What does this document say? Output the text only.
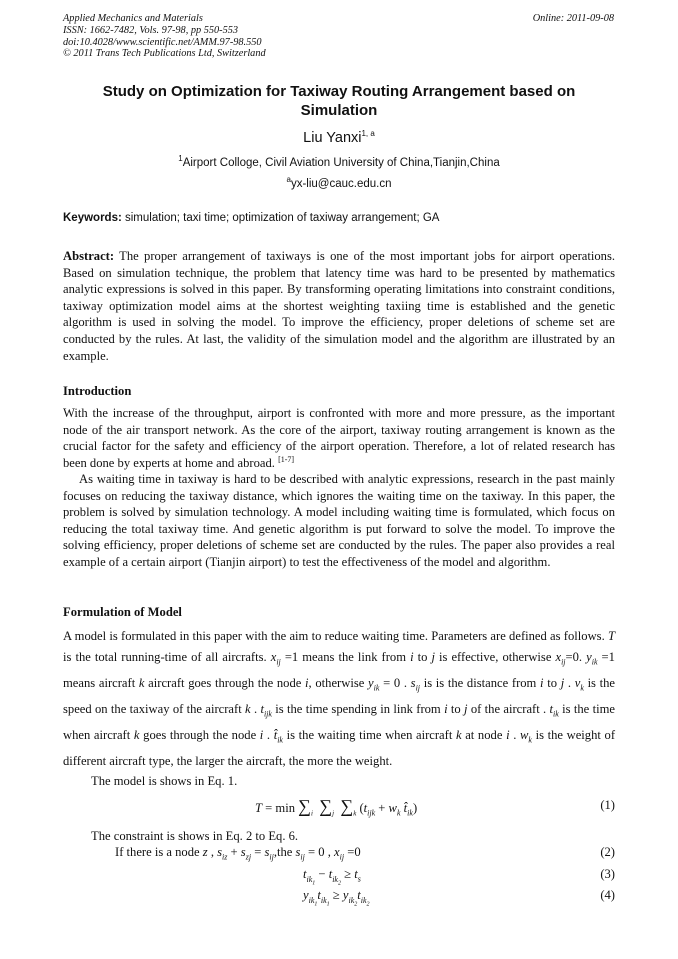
Applied Mechanics and Materials
ISSN: 1662-7482, Vols. 97-98, pp 550-553
doi:10.4028/www.scientific.net/AMM.97-98.550
© 2011 Trans Tech Publications Ltd, Switzerland
Online: 2011-09-08
Study on Optimization for Taxiway Routing Arrangement based on Simulation
Liu Yanxi$^{1, a}$
$^1$Airport Colloge, Civil Aviation University of China,Tianjin,China
$^a$yx-liu@cauc.edu.cn
Keywords: simulation; taxi time; optimization of taxiway arrangement; GA

Abstract: The proper arrangement of taxiways is one of the most important jobs for airport operations. Based on simulation technique, the problem that latency time was hard to be presented by mathematics analytic expressions is solved in this paper. By transforming operating limitations into constraint conditions, taxiway optimization model aims at the shortest weighting taxiing time is established and the genetic algorithm is used in solving the model. To improve the efficiency, proper deletions of scheme set are conducted by the rules. At last, the validity of the simulation model and the algorithm are illustrated by an example.

Introduction

With the increase of the throughput, airport is confronted with more and more pressure, as the important node of the air transport network. As the core of the airport, taxiway routing arrangement is known as the crucial factor for the safety and efficiency of the airport operation. Therefore, a lot of related research has been done by experts at home and abroad. [1-7]

As waiting time in taxiway is hard to be described with analytic expressions, research in the past mainly focuses on reducing the taxiway distance, which ignores the waiting time on the taxiway. In this paper, the problem is solved by simulation technology. A model including waiting time is formulated, which focus on reducing the total taxiway time. And genetic algorithm is put forward to solve the model. To improve the solving efficiency, proper deletions of scheme set are conducted by the rules. The paper also provides a real example of a certain airport (Tianjin airport) to test the effectiveness of the model and algorithm.

Formulation of Model

A model is formulated in this paper with the aim to reduce waiting time. Parameters are defined as follows. T is the total running-time of all aircrafts. $x_{ij} =1$ means the link from i to j is effective, otherwise $x_{ij}=0$. $y_{ik} =1$ means aircraft k aircraft goes through the node i, otherwise $y_{ik} = 0$ . $s_{ij}$ is is the distance from i to j . $v_k$ is the speed on the taxiway of the aircraft k . $t_{ijk}$ is the time spending in link from i to j of the aircraft . $t_{ik}$ is the time when aircraft k goes through the node i . $t̂_{ik}$ is the waiting time when aircraft k at node i . $w_k$ is the weight of different aircraft type, the larger the aircraft, the more the weight.

The model is shows in Eq. 1.
$T = \min \sum_i$ $\sum_j$ $\sum_k$ ($t_{ijk} + w_k$ $t̂_{ik}$)	(1)
The constraint is shows in Eq. 2 to Eq. 6.
If there is a node z , $s_{iz} + s_{zj} = s_{ij},the$ $s_{ij} = 0$ , $x_{ij} =0$	(2)
$t_{ik_1} - t_{ik_2} \ge t_s$	(3)
$y_{ik_1}t_{ik_1} \ge y_{ik_2}t_{ik_2}$
(4)
